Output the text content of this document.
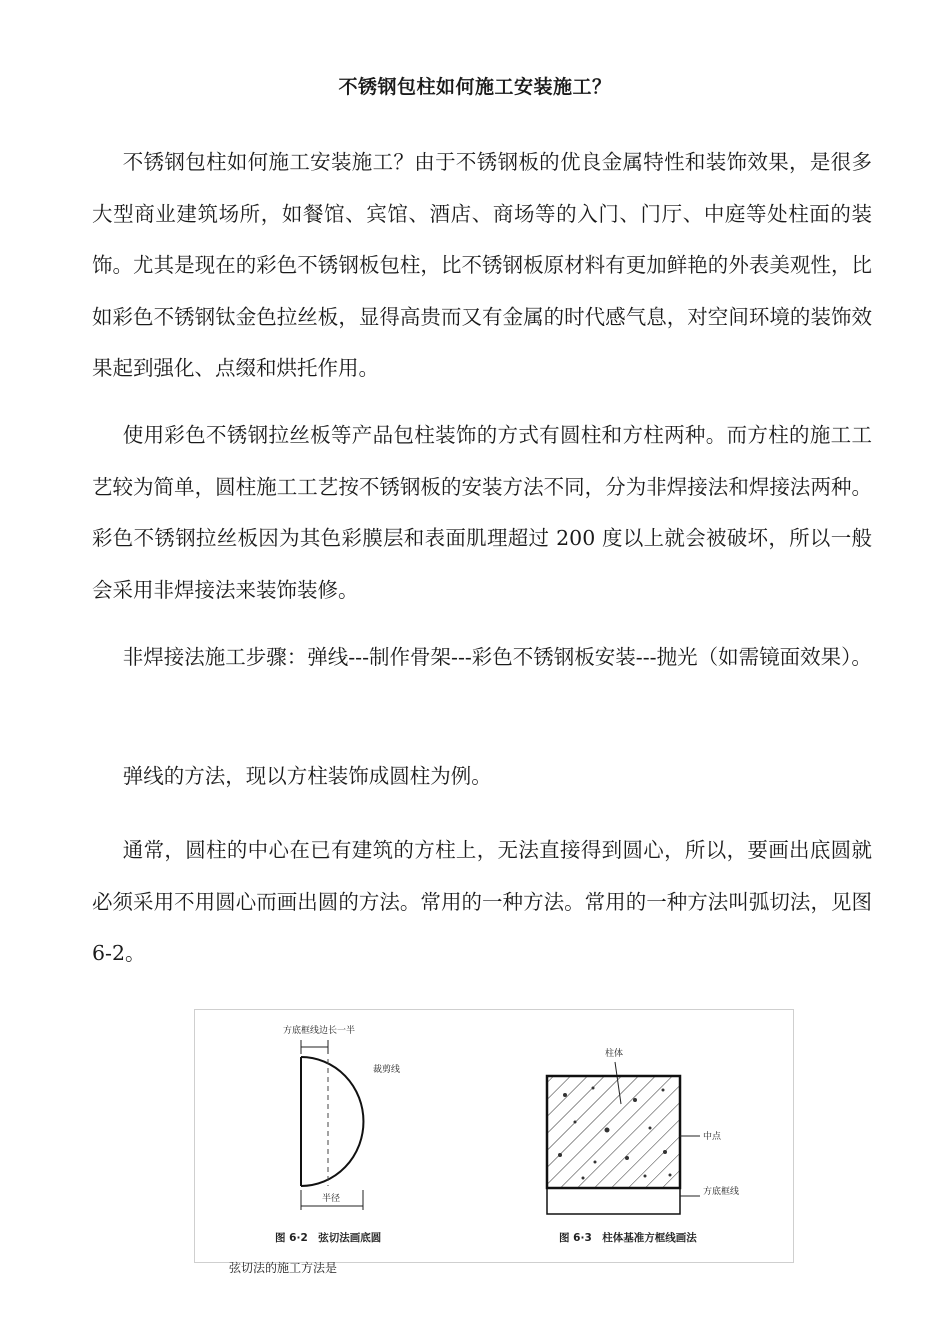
不锈钢包柱如何施工安装施工？

不锈钢包柱如何施工安装施工？由于不锈钢板的优良金属特性和装饰效果，是很多大型商业建筑场所，如餐馆、宾馆、酒店、商场等的入门、门厅、中庭等处柱面的装饰。尤其是现在的彩色不锈钢板包柱，比不锈钢板原材料有更加鲜艳的外表美观性，比如彩色不锈钢钛金色拉丝板，显得高贵而又有金属的时代感气息，对空间环境的装饰效果起到强化、点缀和烘托作用。

使用彩色不锈钢拉丝板等产品包柱装饰的方式有圆柱和方柱两种。而方柱的施工工艺较为简单，圆柱施工工艺按不锈钢板的安装方法不同，分为非焊接法和焊接法两种。彩色不锈钢拉丝板因为其色彩膜层和表面肌理超过 200 度以上就会被破坏，所以一般会采用非焊接法来装饰装修。

非焊接法施工步骤：弹线---制作骨架---彩色不锈钢板安装---抛光（如需镜面效果）。

弹线的方法，现以方柱装饰成圆柱为例。

通常，圆柱的中心在已有建筑的方柱上，无法直接得到圆心，所以，要画出底圆就必须采用不用圆心而画出圆的方法。常用的一种方法。常用的一种方法叫弧切法，见图 6-2。

方底框线边长一半
裁剪线
半径
图 6·2　弦切法画底圆
柱体
中点
方底框线
图 6·3　柱体基准方框线画法
弦切法的施工方法是
